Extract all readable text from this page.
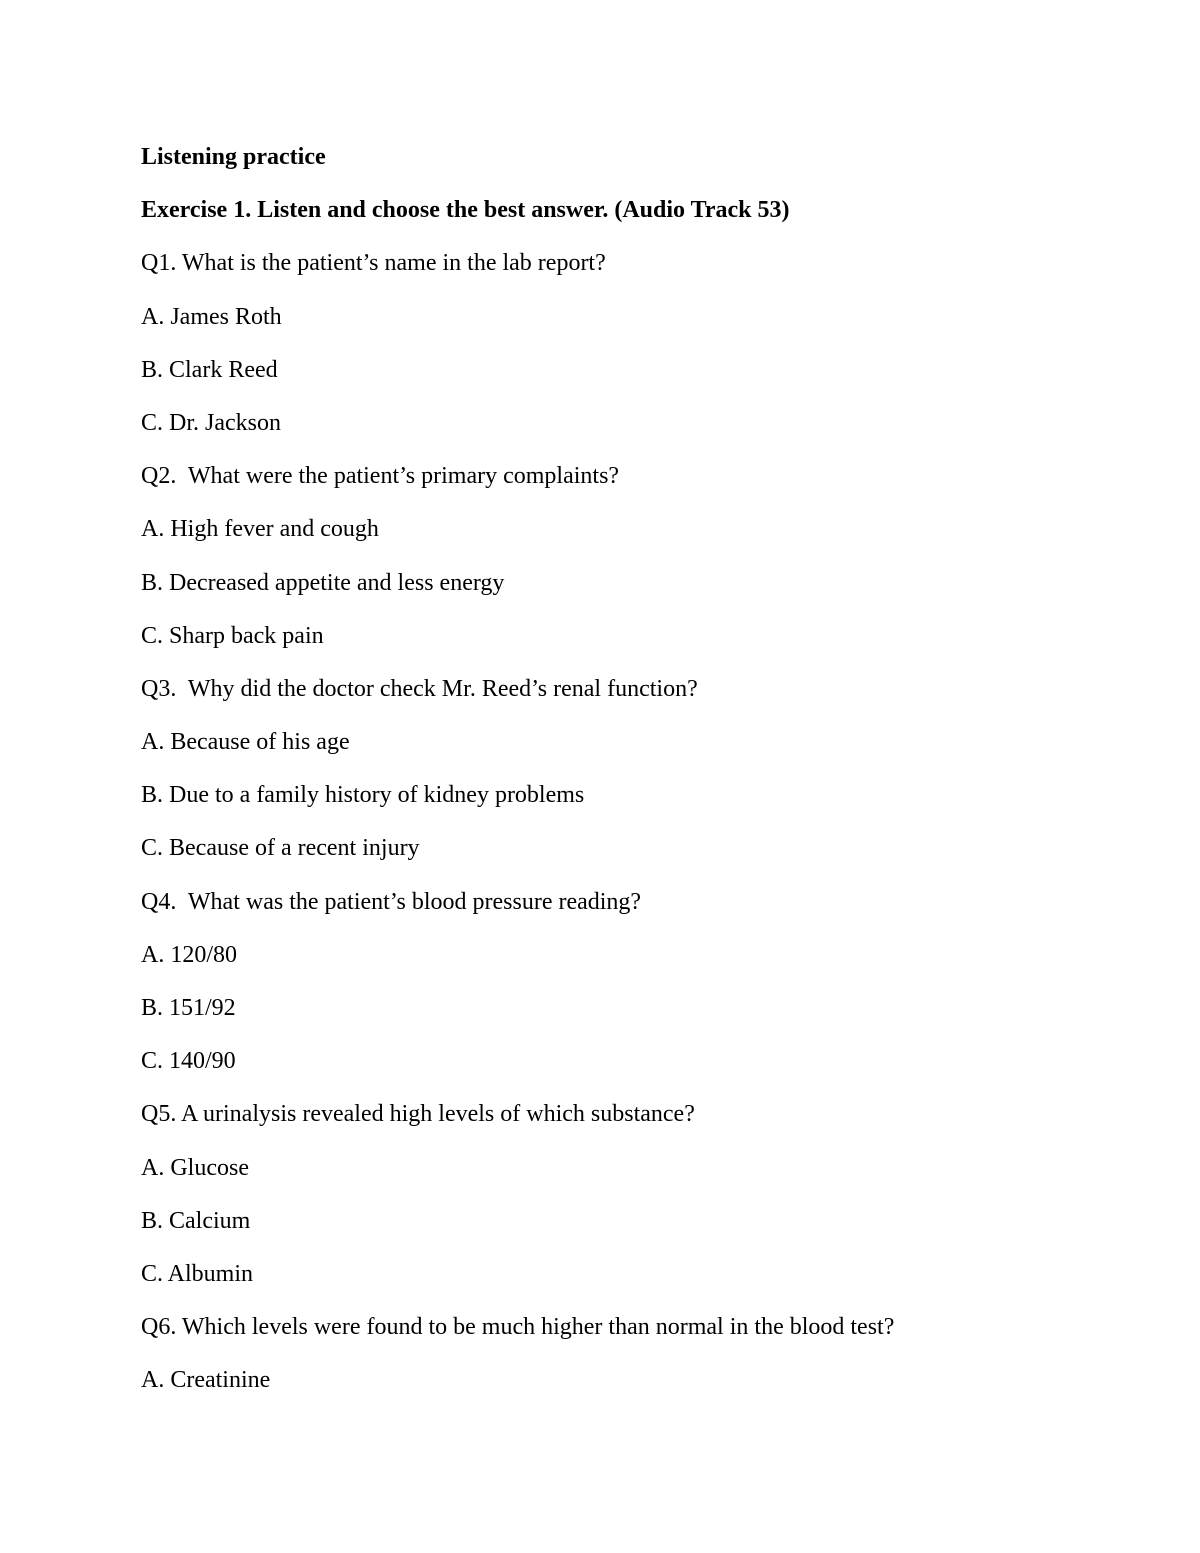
Listening practice
Exercise 1. Listen and choose the best answer. (Audio Track 53)
Q1. What is the patient’s name in the lab report?
A. James Roth
B. Clark Reed
C. Dr. Jackson
Q2.  What were the patient’s primary complaints?
A. High fever and cough
B. Decreased appetite and less energy
C. Sharp back pain
Q3.  Why did the doctor check Mr. Reed’s renal function?
A. Because of his age
B. Due to a family history of kidney problems
C. Because of a recent injury
Q4.  What was the patient’s blood pressure reading?
A. 120/80
B. 151/92
C. 140/90
Q5. A urinalysis revealed high levels of which substance?
A. Glucose
B. Calcium
C. Albumin
Q6. Which levels were found to be much higher than normal in the blood test?
A. Creatinine
